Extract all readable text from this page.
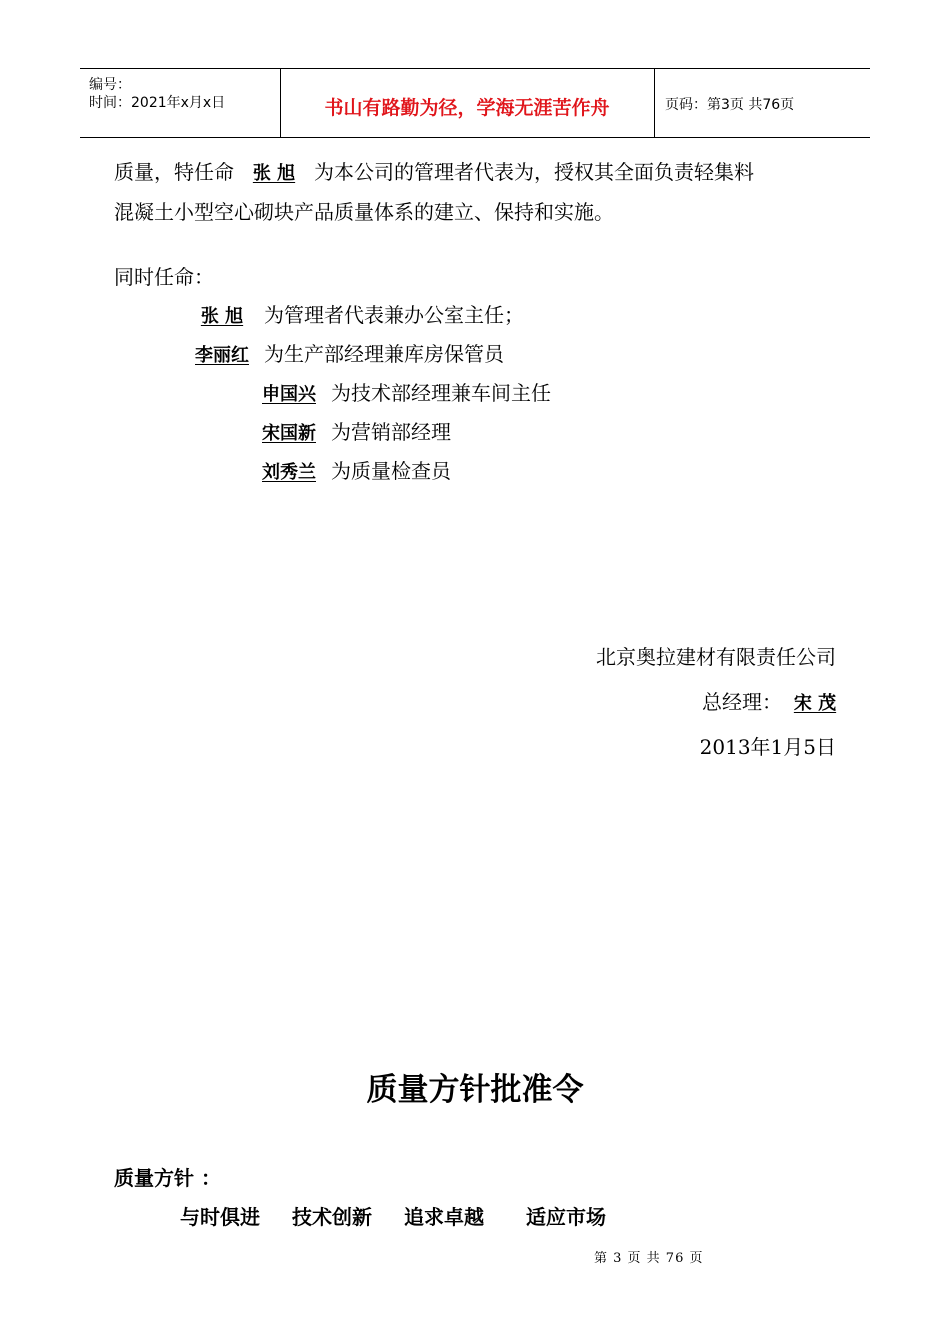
编号：
时间：2021年x月x日	书山有路勤为径，学海无涯苦作舟	页码：第3页 共76页
质量，特任命 张 旭 为本公司的管理者代表为，授权其全面负责轻集料
混凝土小型空心砌块产品质量体系的建立、保持和实施。
同时任命：
张 旭 为管理者代表兼办公室主任；
李丽红 为生产部经理兼库房保管员
申国兴 为技术部经理兼车间主任
宋国新 为营销部经理
刘秀兰 为质量检查员
北京奥拉建材有限责任公司
总经理： 宋 茂
2013年1月5日
质量方针批准令
质量方针 ：
与时俱进 技术创新 追求卓越 适应市场
第 3 页 共 76 页
